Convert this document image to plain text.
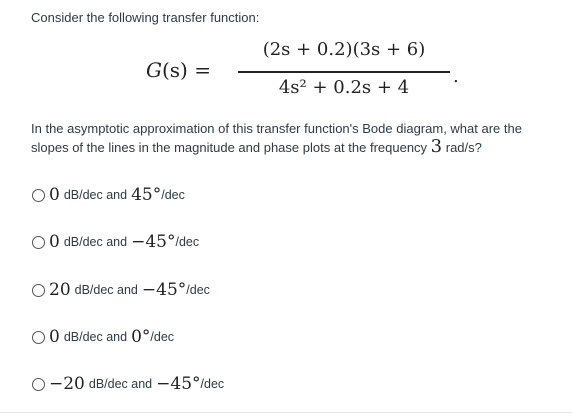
Consider the following transfer function:
G(s) =
(2s + 0.2)(3s + 6)
4s² + 0.2s + 4
.
In the asymptotic approximation of this transfer function's Bode diagram, what are the slopes of the lines in the magnitude and phase plots at the frequency 3 rad/s?
0 dB/dec and 45° /dec
0 dB/dec and −45° /dec
20 dB/dec and −45° /dec
0 dB/dec and 0° /dec
−20 dB/dec and −45° /dec
